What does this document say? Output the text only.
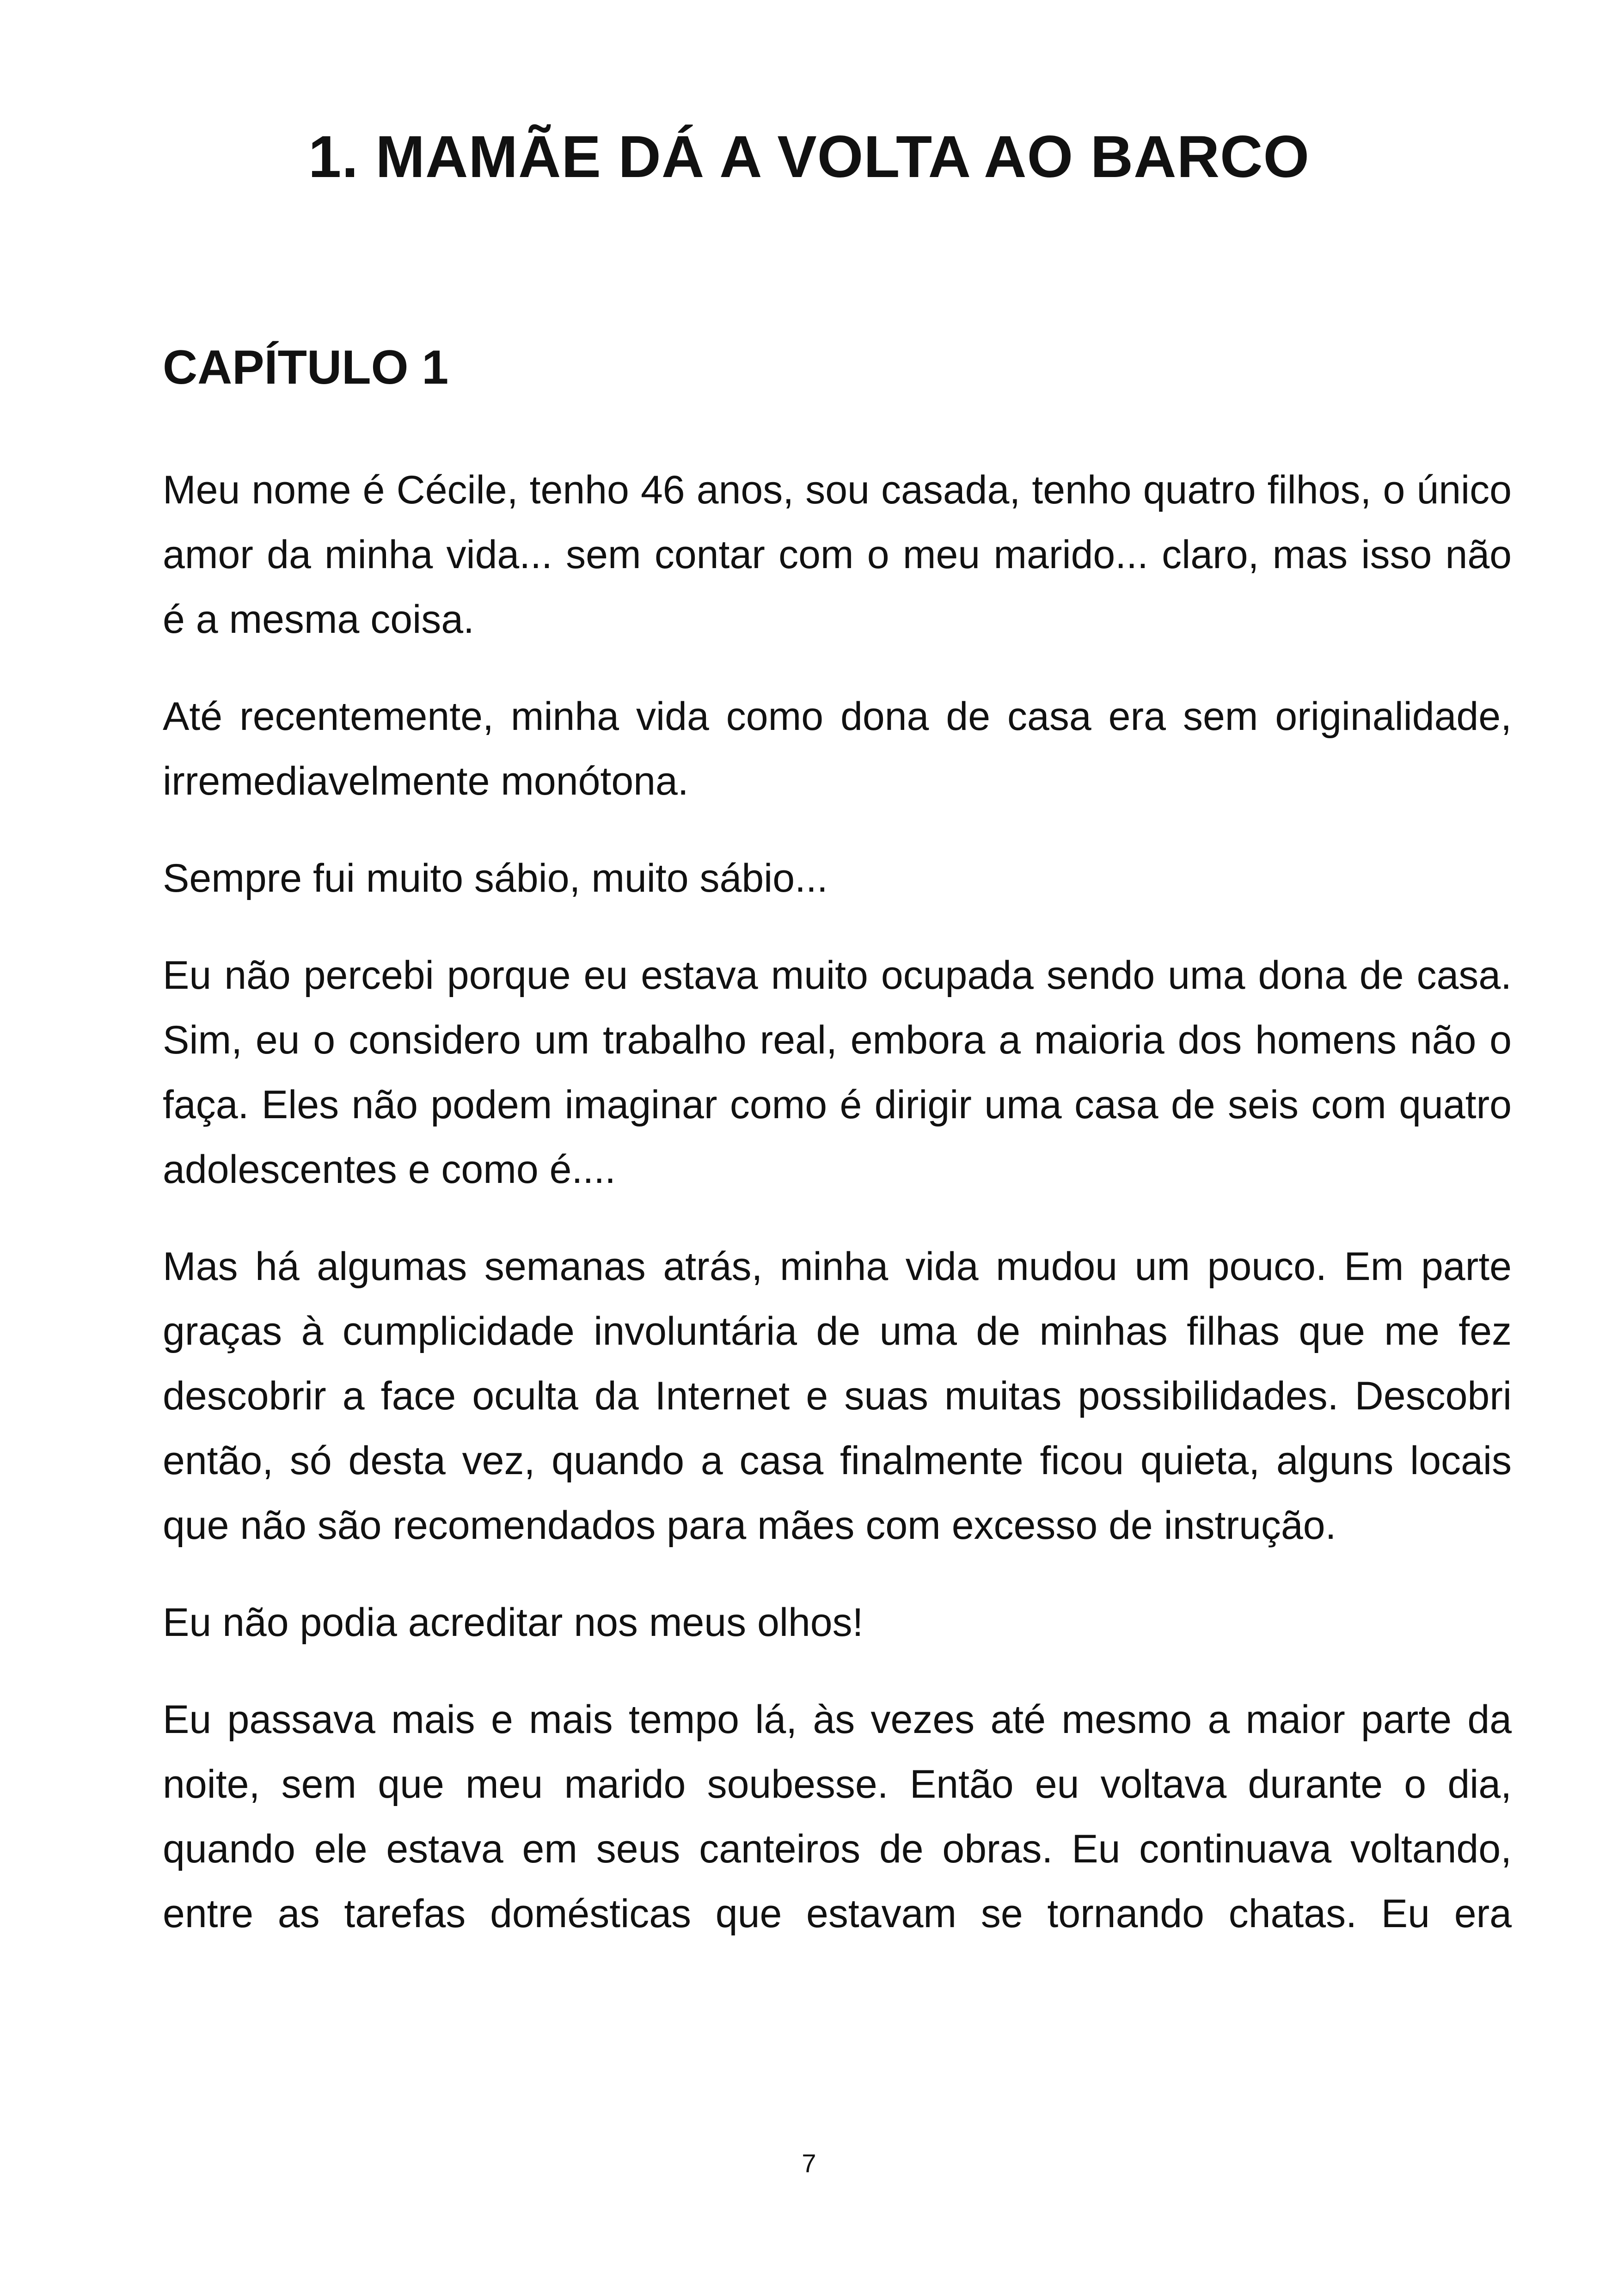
1. MAMÃE DÁ A VOLTA AO BARCO
CAPÍTULO 1

Meu nome é Cécile, tenho 46 anos, sou casada, tenho quatro filhos, o único amor da minha vida... sem contar com o meu marido... claro, mas isso não é a mesma coisa.

Até recentemente, minha vida como dona de casa era sem originalidade, irremediavelmente monótona.

Sempre fui muito sábio, muito sábio...

Eu não percebi porque eu estava muito ocupada sendo uma dona de casa. Sim, eu o considero um trabalho real, embora a maioria dos homens não o faça. Eles não podem imaginar como é dirigir uma casa de seis com quatro adolescentes e como é....

Mas há algumas semanas atrás, minha vida mudou um pouco. Em parte graças à cumplicidade involuntária de uma de minhas filhas que me fez descobrir a face oculta da Internet e suas muitas possibilidades. Descobri então, só desta vez, quando a casa finalmente ficou quieta, alguns locais que não são recomendados para mães com excesso de instrução.

Eu não podia acreditar nos meus olhos!

Eu passava mais e mais tempo lá, às vezes até mesmo a maior parte da noite, sem que meu marido soubesse. Então eu voltava durante o dia, quando ele estava em seus canteiros de obras. Eu continuava voltando, entre as tarefas domésticas que estavam se tornando chatas. Eu era

7
